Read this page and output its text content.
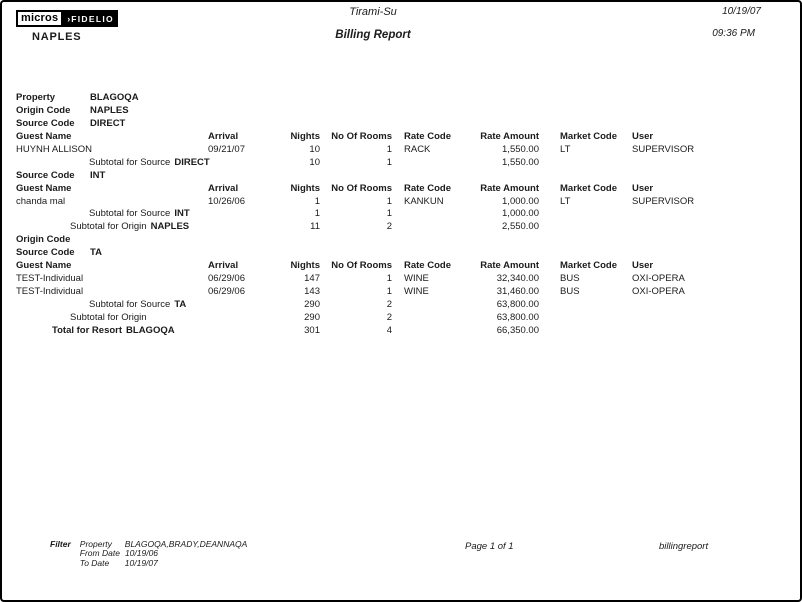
micros	› FIDELIO
NAPLES
Tirami-Su
Billing Report
10/19/07
09:36 PM
Property	BLAGOQA
Origin Code NAPLES
Source Code DIRECT
Guest Name	Arrival	Nights	No Of Rooms	Rate Code	Rate Amount	Market Code	User
HUYNH ALLISON	09/21/07	10	1	RACK	1,550.00	LT	SUPERVISOR
Subtotal for Source DIRECT	10	1	1,550.00
Source Code INT
Guest Name	Arrival	Nights	No Of Rooms	Rate Code	Rate Amount	Market Code	User
chanda mal	10/26/06	1	1	KANKUN	1,000.00	LT	SUPERVISOR
Subtotal for Source INT	1	1	1,000.00
Subtotal for Origin NAPLES	11	2	2,550.00
Origin Code
Source Code TA
Guest Name	Arrival	Nights	No Of Rooms	Rate Code	Rate Amount	Market Code	User
TEST-Individual	06/29/06	147	1	WINE	32,340.00	BUS	OXI-OPERA
TEST-Individual	06/29/06	143	1	WINE	31,460.00	BUS	OXI-OPERA
Subtotal for Source TA	290	2	63,800.00
Subtotal for Origin	290	2	63,800.00
Total for Resort BLAGOQA	301	4	66,350.00
Filter Property	BLAGOQA,BRADY,DEANNAQA
From Date 10/19/06
To Date	10/19/07
Page 1 of 1	billingreport
